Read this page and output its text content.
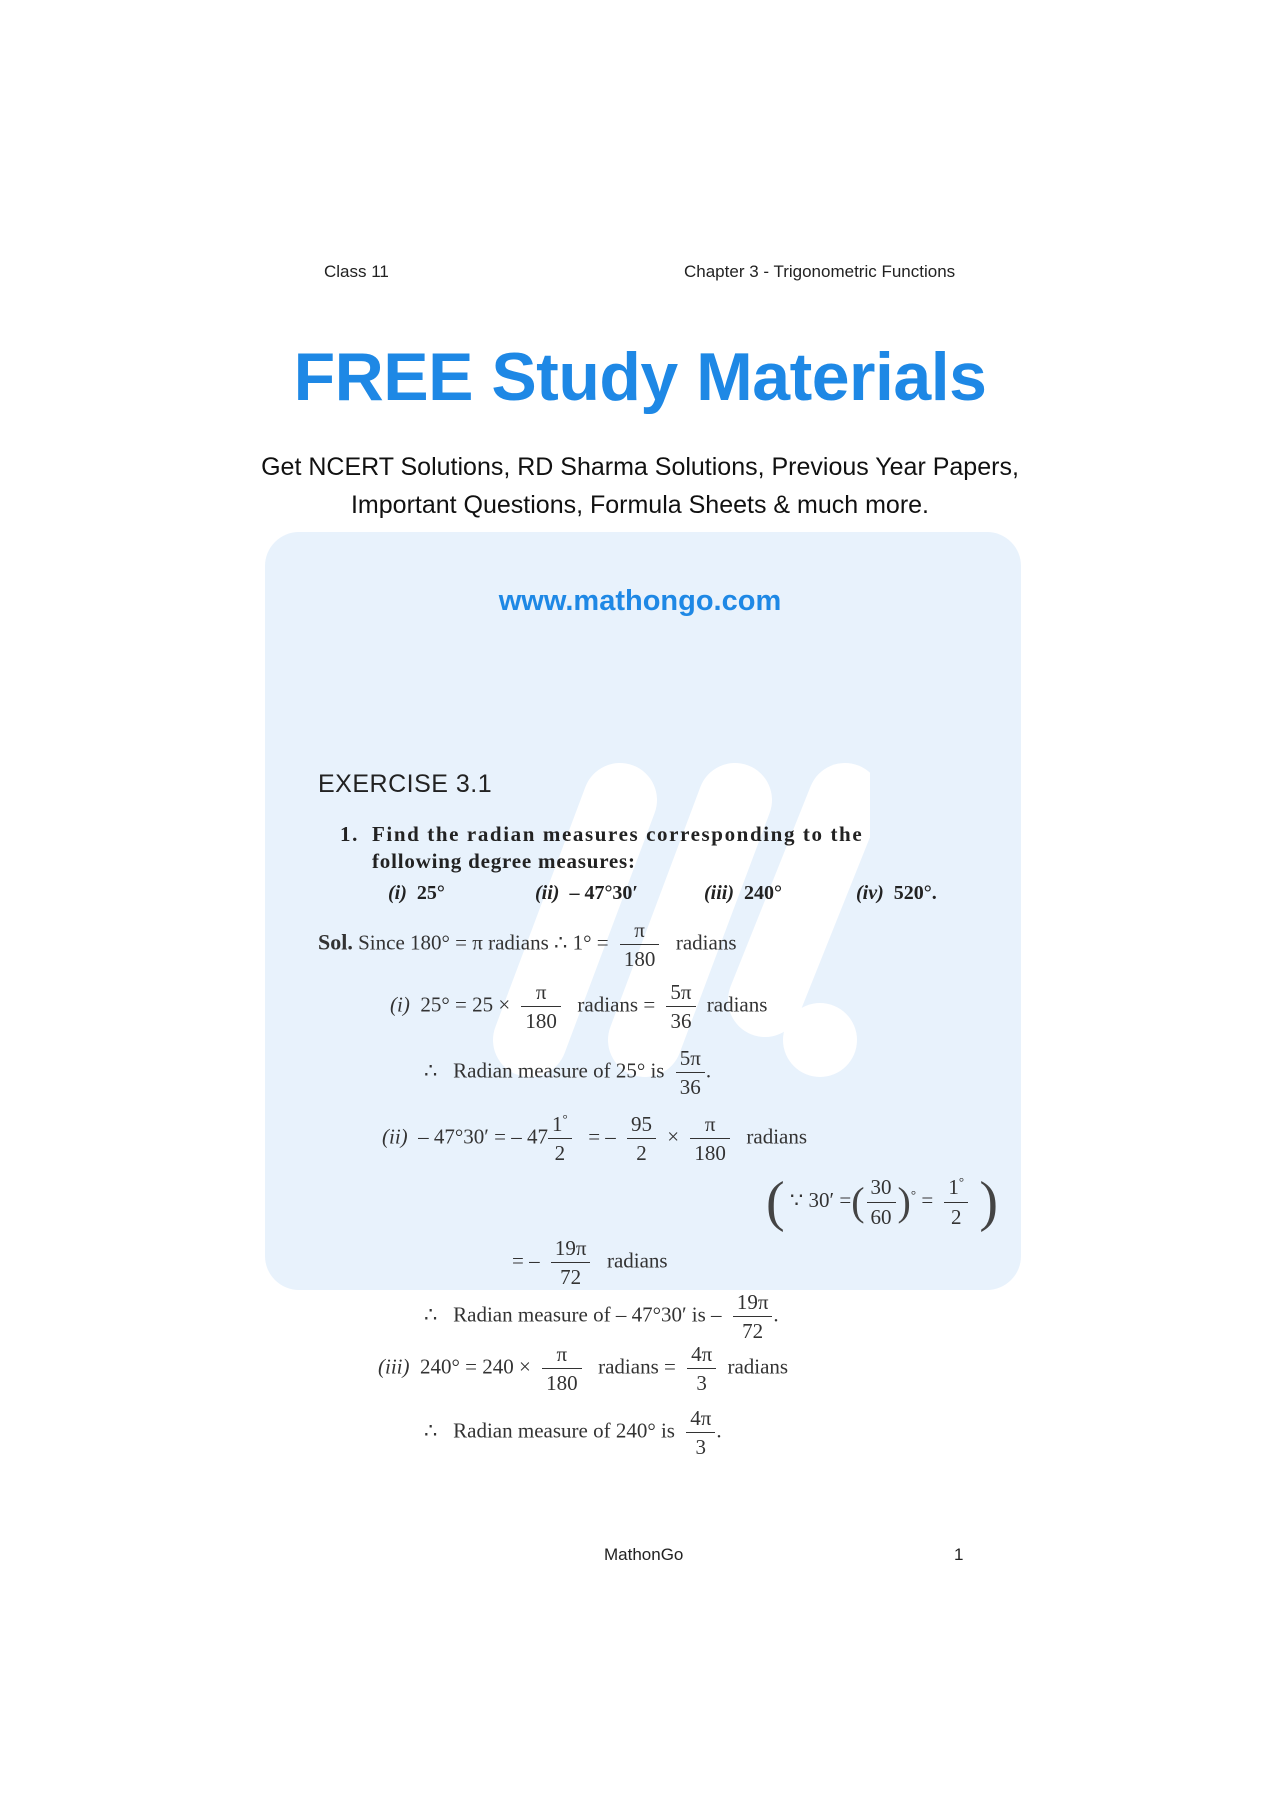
Class 11	Chapter 3 - Trigonometric Functions
FREE Study Materials
Get NCERT Solutions, RD Sharma Solutions, Previous Year Papers,
Important Questions, Formula Sheets & much more.
www.mathongo.com
EXERCISE 3.1
1. Find the radian measures corresponding to the
following degree measures:
(i) 25°	(ii) – 47°30′	(iii) 240°	(iv) 520°.
Sol. Since 180° = π radians ∴ $1^\circ = \frac{\pi}{180}$ radians
(i) $25^\circ = 25 \times \frac{\pi}{180}$ radians = $\frac{5\pi}{36}$ radians
∴ Radian measure of 25° is $\frac{5\pi}{36}$ .
(ii) – 47°30′ = – $47 \frac{1^\circ}{2}$ = – $\frac{95}{2} \times \frac{\pi}{180}$ radians
( ∵ 30′ =( $\frac{30}{60} )^\circ = \frac{1^\circ}{2}$ )
= – $\frac{19\pi}{72}$ radians
∴ Radian measure of – 47°30′ is – $\frac{19\pi}{72}$ .
(iii) $240^\circ = 240 \times \frac{\pi}{180}$ radians = $\frac{4\pi}{3}$ radians
∴ Radian measure of 240° is $\frac{4\pi}{3}$ .
MathonGo	1
